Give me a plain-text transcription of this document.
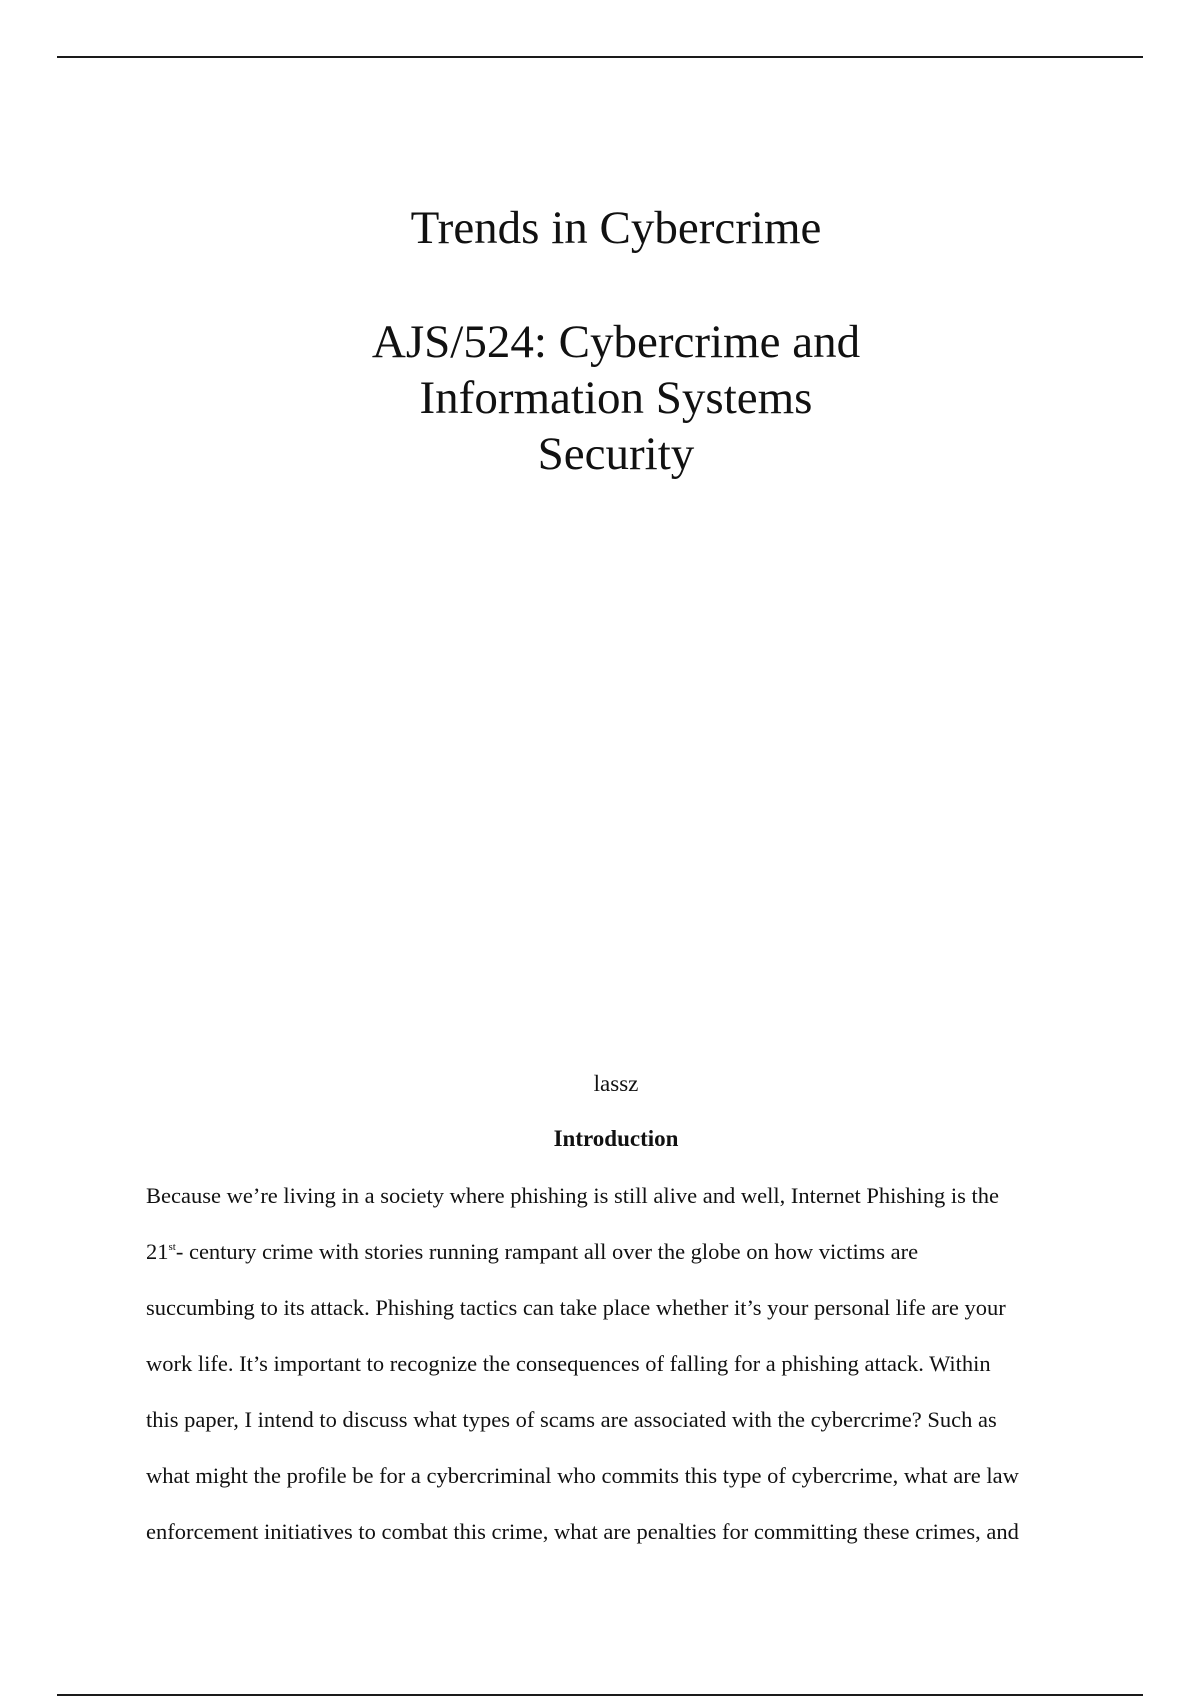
Trends in Cybercrime
AJS/524: Cybercrime and
Information Systems
Security
lassz
Introduction
Because we’re living in a society where phishing is still alive and well, Internet Phishing is the
21st- century crime with stories running rampant all over the globe on how victims are
succumbing to its attack. Phishing tactics can take place whether it’s your personal life are your
work life. It’s important to recognize the consequences of falling for a phishing attack. Within
this paper, I intend to discuss what types of scams are associated with the cybercrime? Such as
what might the profile be for a cybercriminal who commits this type of cybercrime, what are law
enforcement initiatives to combat this crime, what are penalties for committing these crimes, and
